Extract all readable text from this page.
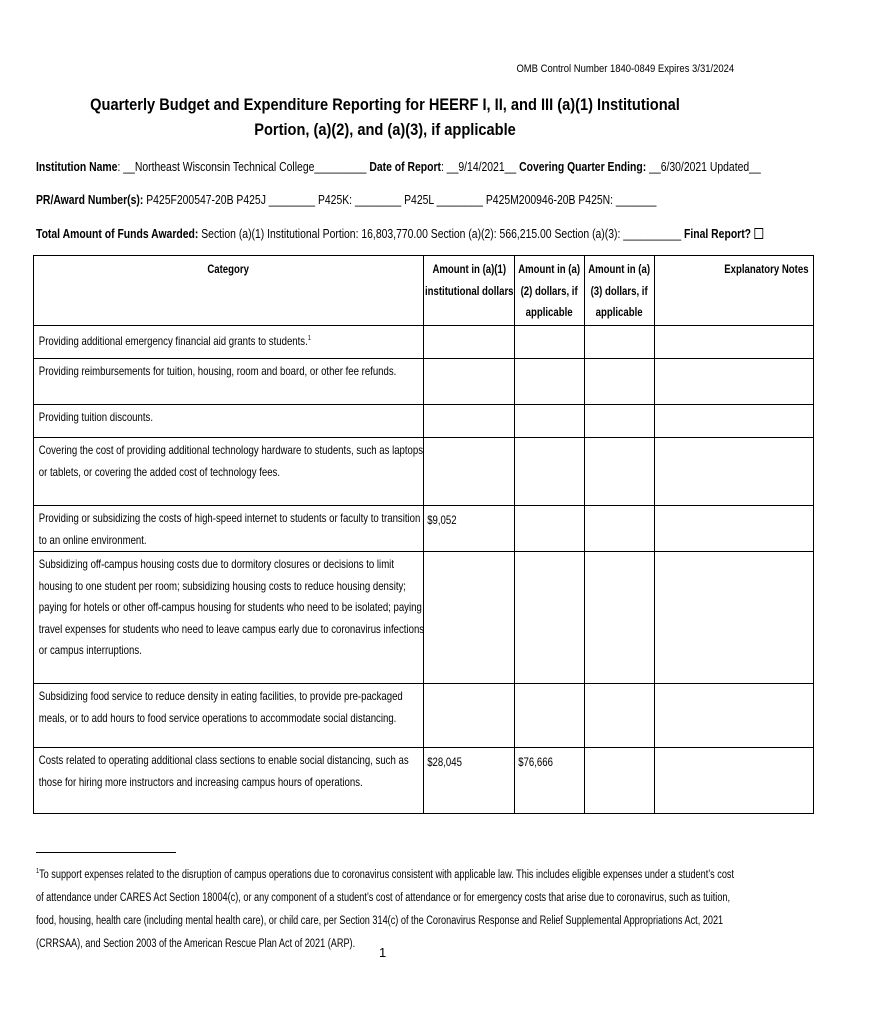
OMB Control Number 1840-0849 Expires 3/31/2024
Quarterly Budget and Expenditure Reporting for HEERF I, II, and III (a)(1) Institutional Portion, (a)(2), and (a)(3), if applicable
Institution Name: __Northeast Wisconsin Technical College_________ Date of Report: __9/14/2021__ Covering Quarter Ending: __6/30/2021 Updated__
PR/Award Number(s): P425F200547-20B P425J ________ P425K: ________ P425L ________ P425M200946-20B P425N: _______
Total Amount of Funds Awarded: Section (a)(1) Institutional Portion: 16,803,770.00 Section (a)(2): 566,215.00 Section (a)(3): __________ Final Report?
Category	Amount in (a)(1) institutional dollars	Amount in (a)(2) dollars, if applicable	Amount in (a)(3) dollars, if applicable	Explanatory Notes

Providing additional emergency financial aid grants to students.$^1$

Providing reimbursements for tuition, housing, room and board, or other fee refunds.				

Providing tuition discounts.				

Covering the cost of providing additional technology hardware to students, such as laptops or tablets, or covering the added cost of technology fees.				

Providing or subsidizing the costs of high-speed internet to students or faculty to transition to an online environment.	$9,052			

Subsidizing off-campus housing costs due to dormitory closures or decisions to limit housing to one student per room; subsidizing housing costs to reduce housing density; paying for hotels or other off-campus housing for students who need to be isolated; paying travel expenses for students who need to leave campus early due to coronavirus infections or campus interruptions.				

Subsidizing food service to reduce density in eating facilities, to provide pre-packaged meals, or to add hours to food service operations to accommodate social distancing.				

Costs related to operating additional class sections to enable social distancing, such as those for hiring more instructors and increasing campus hours of operations.	$28,045	$76,666		

$^1$To support expenses related to the disruption of campus operations due to coronavirus consistent with applicable law. This includes eligible expenses under a student’s cost of attendance under CARES Act Section 18004(c), or any component of a student’s cost of attendance or for emergency costs that arise due to coronavirus, such as tuition, food, housing, health care (including mental health care), or child care, per Section 314(c) of the Coronavirus Response and Relief Supplemental Appropriations Act, 2021 (CRRSAA), and Section 2003 of the American Rescue Plan Act of 2021 (ARP).
1
